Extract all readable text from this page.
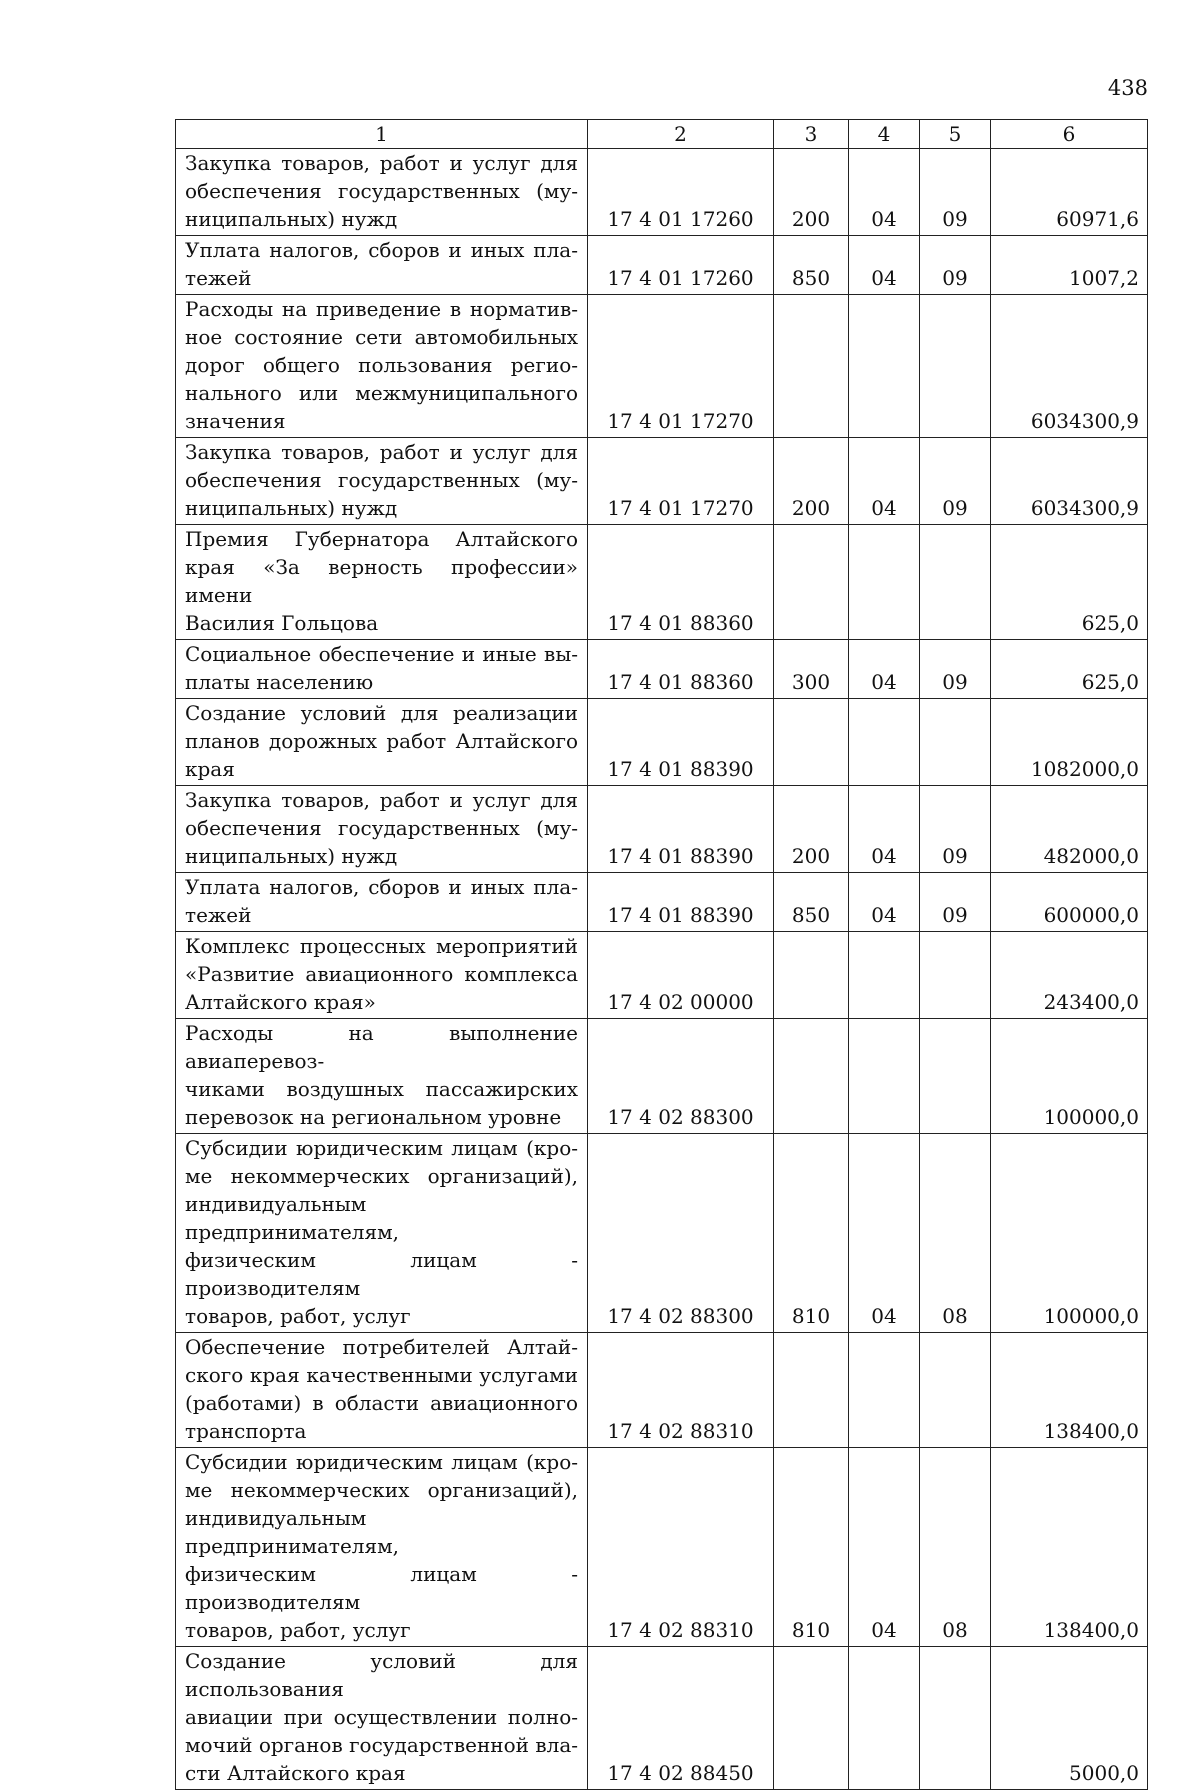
438
1	2	3	4	5	6

Закупка товаров, работ и услуг для
обеспечения государственных (му-
ниципальных) нужд	17 4 01 17260	200	04	09	60971,6

Уплата налогов, сборов и иных пла-
тежей	17 4 01 17260	850	04	09	1007,2

Расходы на приведение в норматив-
ное состояние сети автомобильных
дорог общего пользования регио-
нального или межмуниципального
значения	17 4 01 17270				6034300,9

Закупка товаров, работ и услуг для
обеспечения государственных (му-
ниципальных) нужд	17 4 01 17270	200	04	09	6034300,9

Премия Губернатора Алтайского
края «За верность профессии» имени
Василия Гольцова	17 4 01 88360				625,0

Социальное обеспечение и иные вы-
платы населению	17 4 01 88360	300	04	09	625,0

Создание условий для реализации
планов дорожных работ Алтайского
края	17 4 01 88390				1082000,0

Закупка товаров, работ и услуг для
обеспечения государственных (му-
ниципальных) нужд	17 4 01 88390	200	04	09	482000,0

Уплата налогов, сборов и иных пла-
тежей	17 4 01 88390	850	04	09	600000,0

Комплекс процессных мероприятий
«Развитие авиационного комплекса
Алтайского края»	17 4 02 00000				243400,0

Расходы на выполнение авиаперевоз-
чиками воздушных пассажирских
перевозок на региональном уровне	17 4 02 88300				100000,0

Субсидии юридическим лицам (кро-
ме некоммерческих организаций),
индивидуальным предпринимателям,
физическим лицам - производителям
товаров, работ, услуг	17 4 02 88300	810	04	08	100000,0

Обеспечение потребителей Алтай-
ского края качественными услугами
(работами) в области авиационного
транспорта	17 4 02 88310				138400,0

Субсидии юридическим лицам (кро-
ме некоммерческих организаций),
индивидуальным предпринимателям,
физическим лицам - производителям
товаров, работ, услуг	17 4 02 88310	810	04	08	138400,0

Создание условий для использования
авиации при осуществлении полно-
мочий органов государственной вла-
сти Алтайского края	17 4 02 88450				5000,0
